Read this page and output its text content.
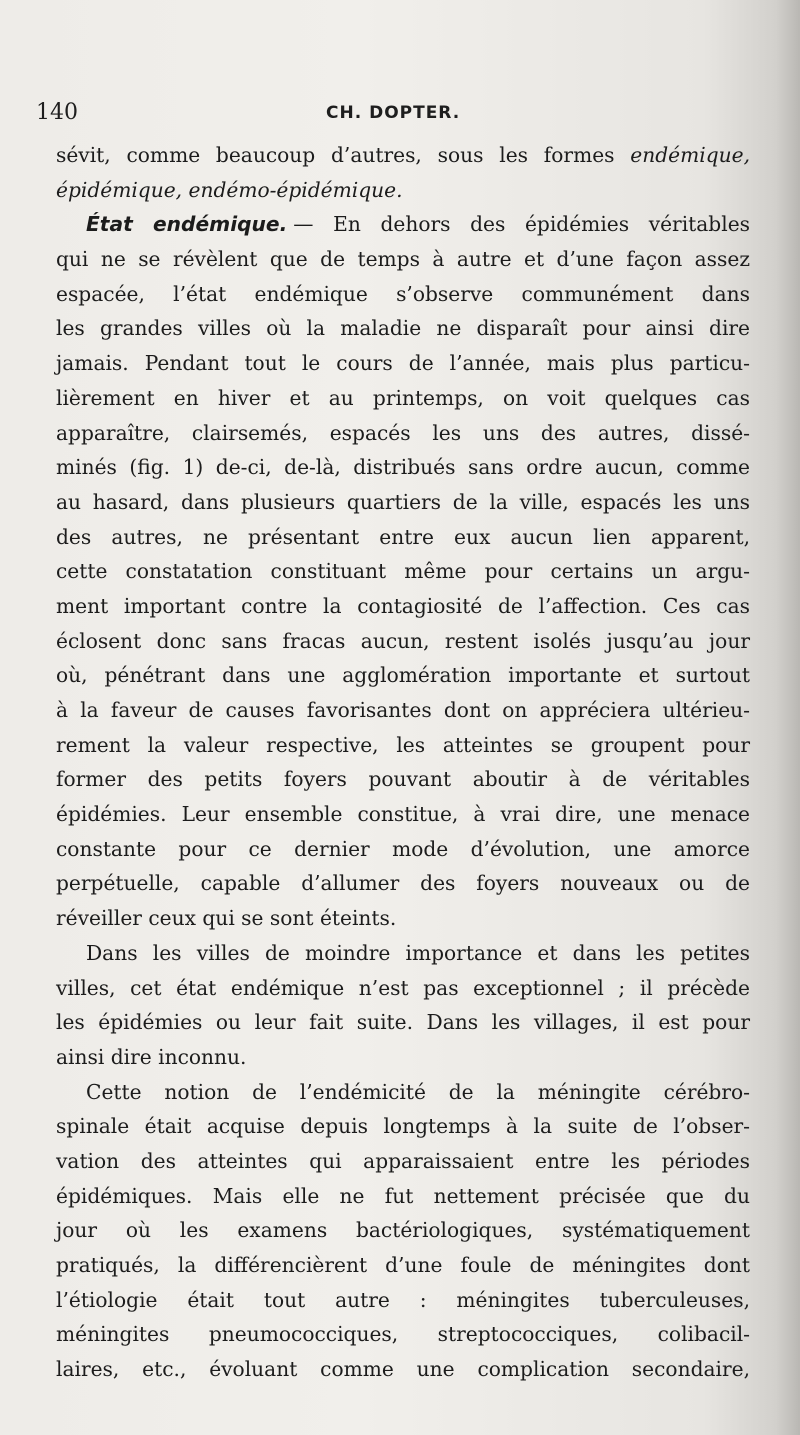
140	CH. DOPTER.
sévit, comme beaucoup d’autres, sous les formes endémique,
épidémique, endémo-épidémique.
État endémique. — En dehors des épidémies véritables
qui ne se révèlent que de temps à autre et d’une façon assez
espacée, l’état endémique s’observe communément dans
les grandes villes où la maladie ne disparaît pour ainsi dire
jamais. Pendant tout le cours de l’année, mais plus particu-
lièrement en hiver et au printemps, on voit quelques cas
apparaître, clairsemés, espacés les uns des autres, dissé-
minés (fig. 1) de-ci, de-là, distribués sans ordre aucun, comme
au hasard, dans plusieurs quartiers de la ville, espacés les uns
des autres, ne présentant entre eux aucun lien apparent,
cette constatation constituant même pour certains un argu-
ment important contre la contagiosité de l’affection. Ces cas
éclosent donc sans fracas aucun, restent isolés jusqu’au jour
où, pénétrant dans une agglomération importante et surtout
à la faveur de causes favorisantes dont on appréciera ultérieu-
rement la valeur respective, les atteintes se groupent pour
former des petits foyers pouvant aboutir à de véritables
épidémies. Leur ensemble constitue, à vrai dire, une menace
constante pour ce dernier mode d’évolution, une amorce
perpétuelle, capable d’allumer des foyers nouveaux ou de
réveiller ceux qui se sont éteints.
Dans les villes de moindre importance et dans les petites
villes, cet état endémique n’est pas exceptionnel ; il précède
les épidémies ou leur fait suite. Dans les villages, il est pour
ainsi dire inconnu.
Cette notion de l’endémicité de la méningite cérébro-
spinale était acquise depuis longtemps à la suite de l’obser-
vation des atteintes qui apparaissaient entre les périodes
épidémiques. Mais elle ne fut nettement précisée que du
jour où les examens bactériologiques, systématiquement
pratiqués, la différencièrent d’une foule de méningites dont
l’étiologie était tout autre : méningites tuberculeuses,
méningites pneumococciques, streptococciques, colibacil-
laires, etc., évoluant comme une complication secondaire,
